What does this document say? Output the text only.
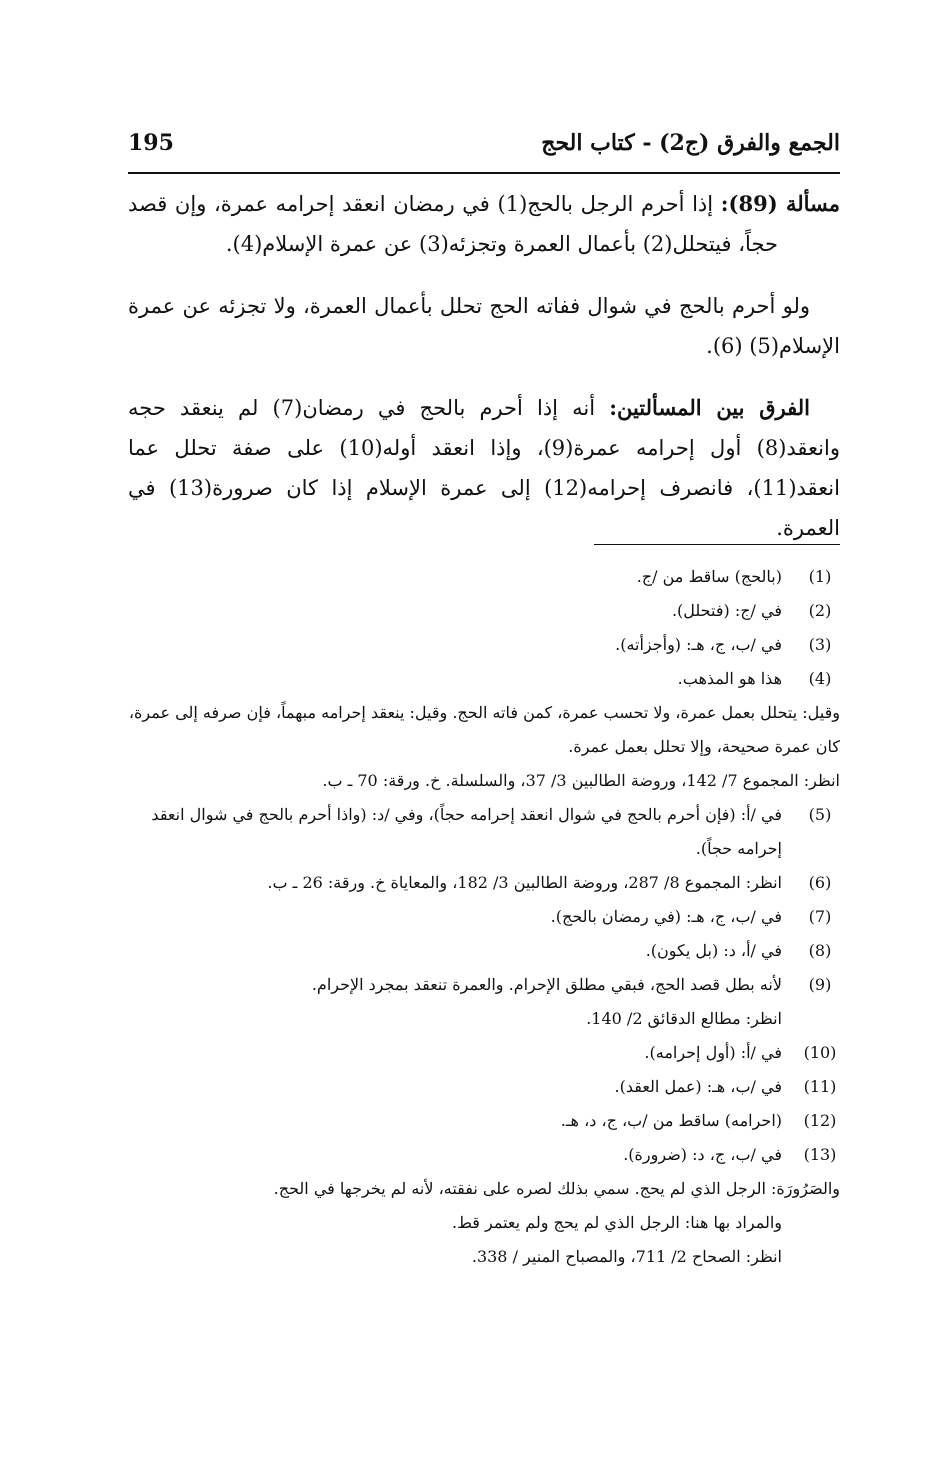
الجمع والفرق (ج2) - كتاب الحج
195

مسألة (89): إذا أحرم الرجل بالحج(1) في رمضان انعقد إحرامه عمرة، وإن قصد حجاً، فيتحلل(2) بأعمال العمرة وتجزئه(3) عن عمرة الإسلام(4).

ولو أحرم بالحج في شوال ففاته الحج تحلل بأعمال العمرة، ولا تجزئه عن عمرة الإسلام(5) (6).

الفرق بين المسألتين: أنه إذا أحرم بالحج في رمضان(7) لم ينعقد حجه وانعقد(8) أول إحرامه عمرة(9)، وإذا انعقد أوله(10) على صفة تحلل عما انعقد(11)، فانصرف إحرامه(12) إلى عمرة الإسلام إذا كان صرورة(13) في العمرة.

(1)
(بالحج) ساقط من /ج.
(2)
في /ج: (فتحلل).
(3)
في /ب، ج، هـ: (وأجزأته).
(4)
هذا هو المذهب.
وقيل: يتحلل بعمل عمرة، ولا تحسب عمرة، كمن فاته الحج. وقيل: ينعقد إحرامه مبهماً، فإن صرفه إلى عمرة، كان عمرة صحيحة، وإلا تحلل بعمل عمرة.
انظر: المجموع 7/ 142، وروضة الطالبين 3/ 37، والسلسلة. خ. ورقة: 70 ـ ب.
(5)
في /أ: (فإن أحرم بالحج في شوال انعقد إحرامه حجاً)، وفي /د: (واذا أحرم بالحج في شوال انعقد إحرامه حجاً).
(6)
انظر: المجموع 8/ 287، وروضة الطالبين 3/ 182، والمعاياة خ. ورقة: 26 ـ ب.
(7)
في /ب، ج، هـ: (في رمضان بالحج).
(8)
في /أ، د: (بل يكون).
(9)
لأنه بطل قصد الحج، فبقي مطلق الإحرام. والعمرة تنعقد بمجرد الإحرام.
انظر: مطالع الدقائق 2/ 140.
(10)
في /أ: (أول إحرامه).
(11)
في /ب، هـ: (عمل العقد).
(12)
(احرامه) ساقط من /ب، ج، د، هـ.
(13)
في /ب، ج، د: (ضرورة).
والصَرُورَة: الرجل الذي لم يحج. سمي بذلك لصره على نفقته، لأنه لم يخرجها في الحج.
والمراد بها هنا: الرجل الذي لم يحج ولم يعتمر قط.
انظر: الصحاح 2/ 711، والمصباح المنير / 338.
